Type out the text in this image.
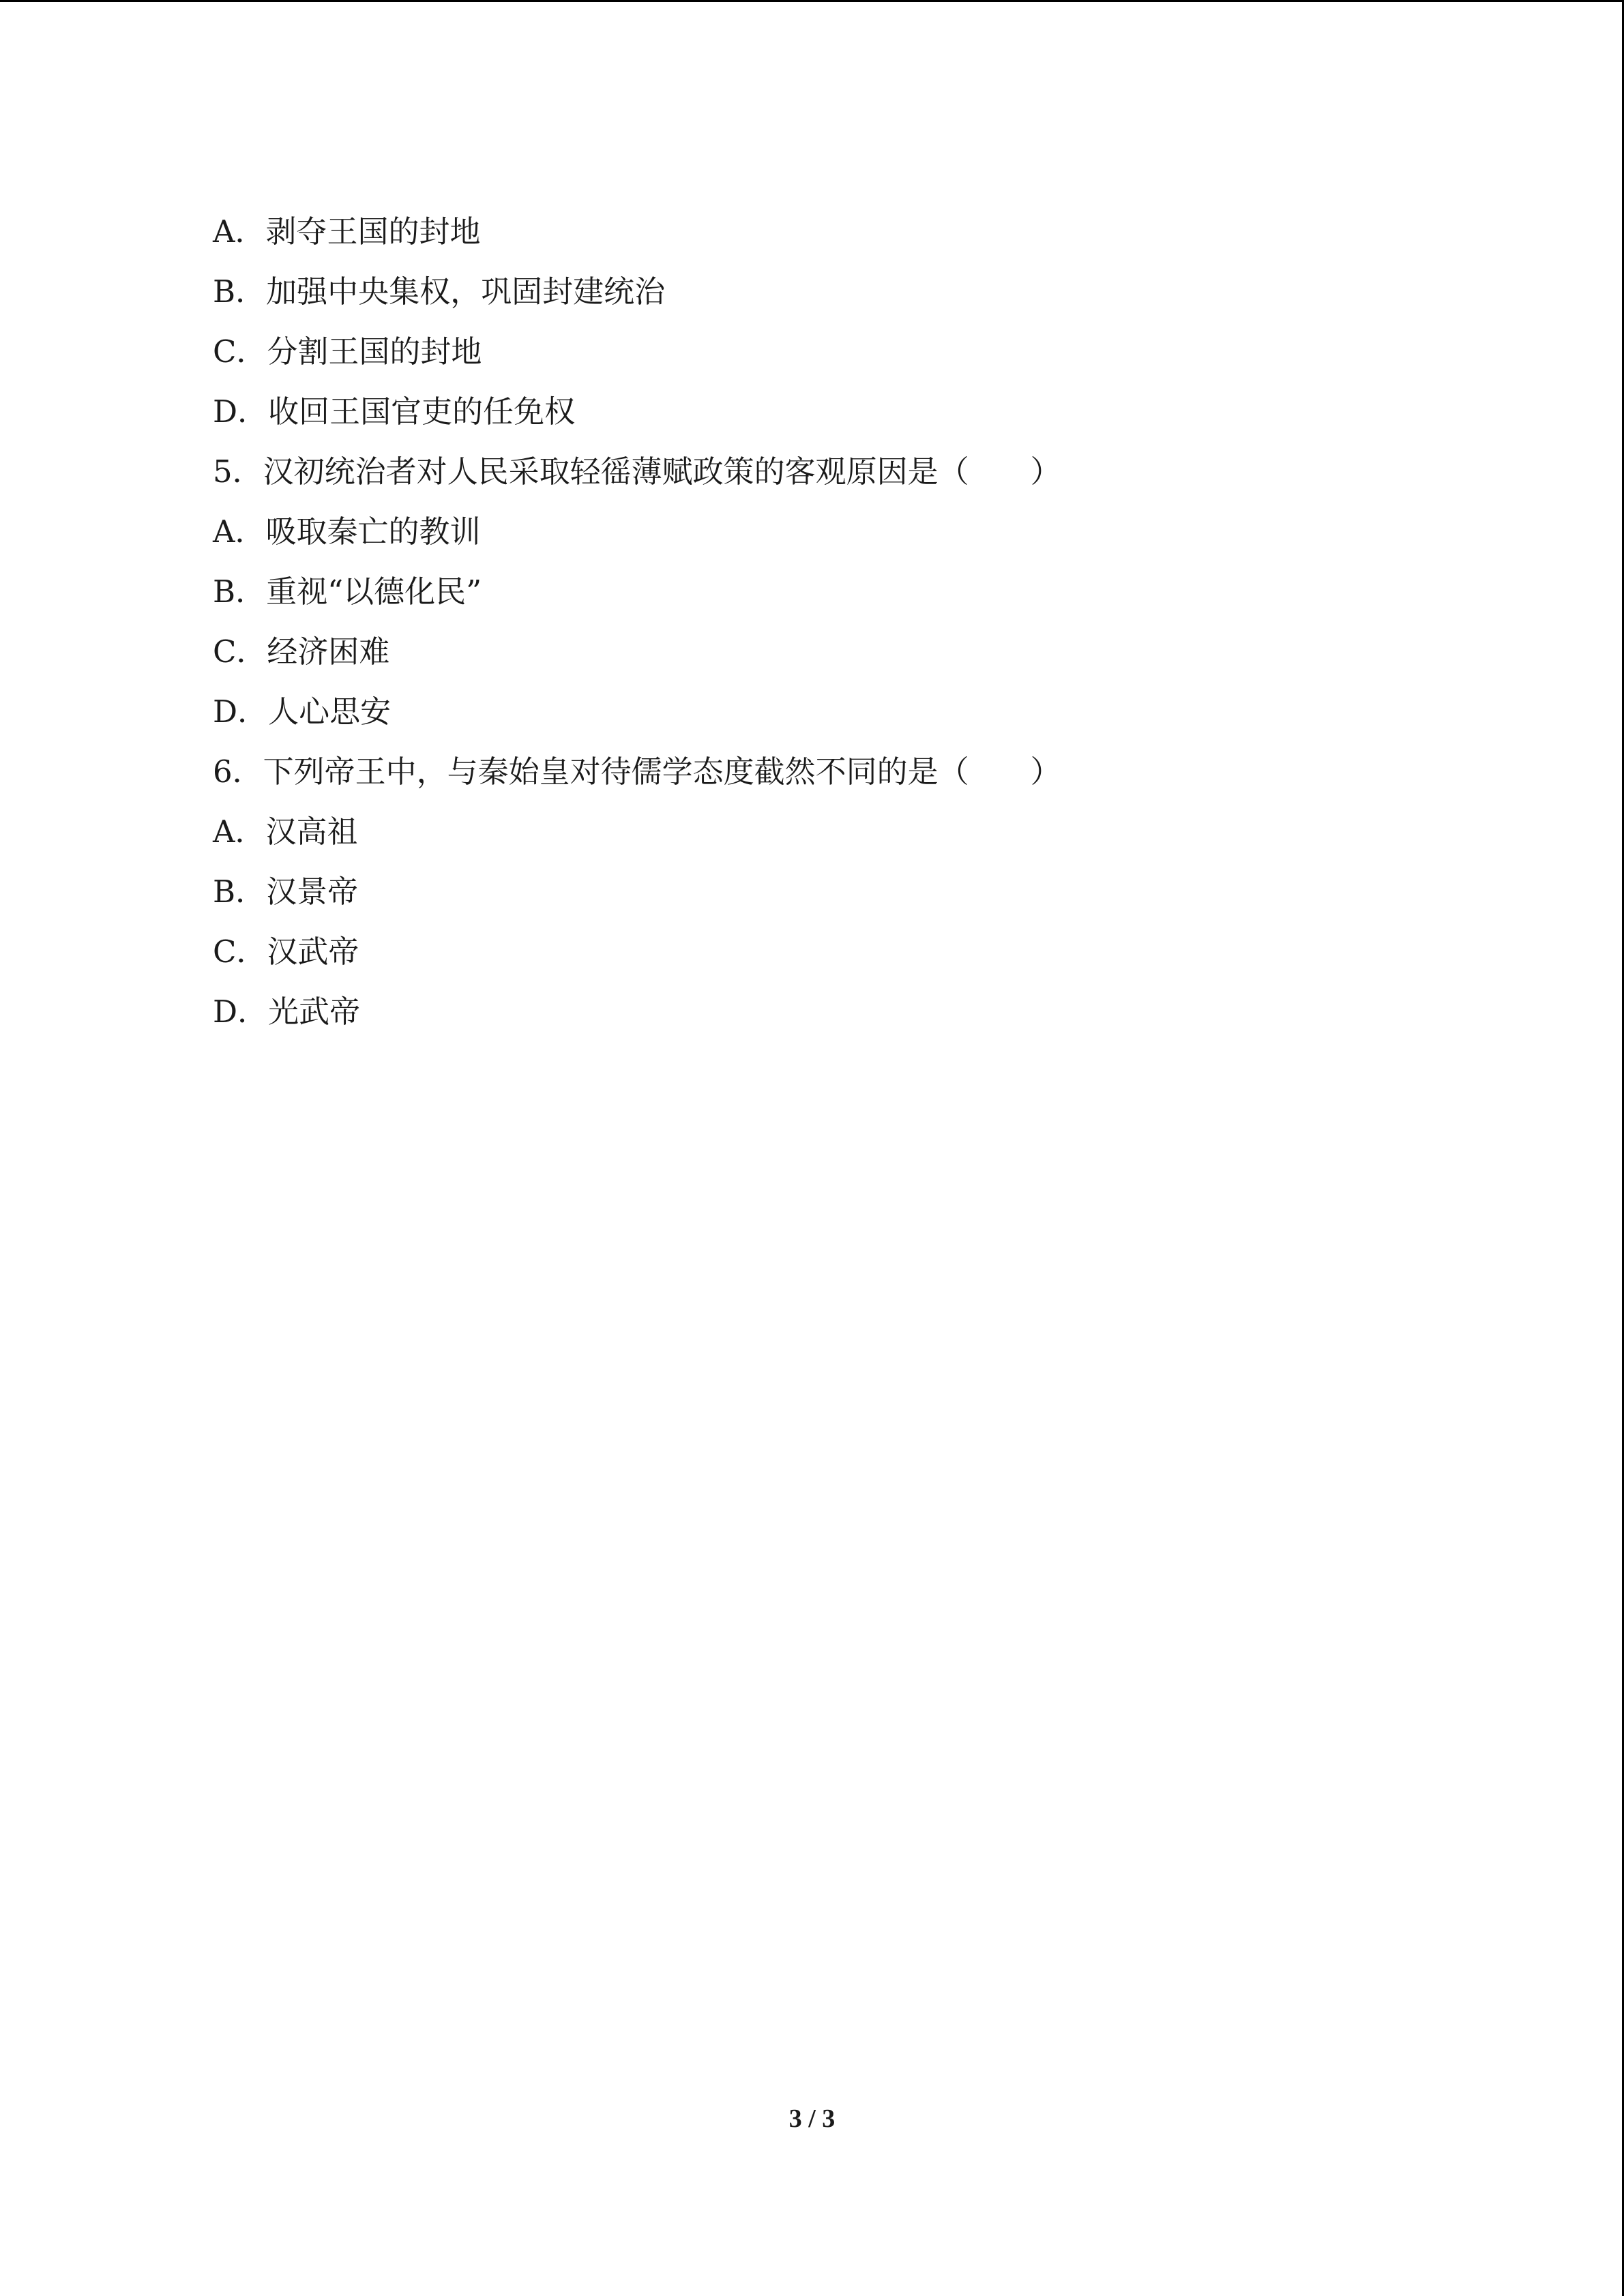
A．剥夺王国的封地
B．加强中央集权，巩固封建统治
C．分割王国的封地
D．收回王国官吏的任免权
5．汉初统治者对人民采取轻徭薄赋政策的客观原因是（　　）
A．吸取秦亡的教训
B．重视“以德化民”
C．经济困难
D．人心思安
6．下列帝王中，与秦始皇对待儒学态度截然不同的是（　　）
A．汉高祖
B．汉景帝
C．汉武帝
D．光武帝
3 / 3
